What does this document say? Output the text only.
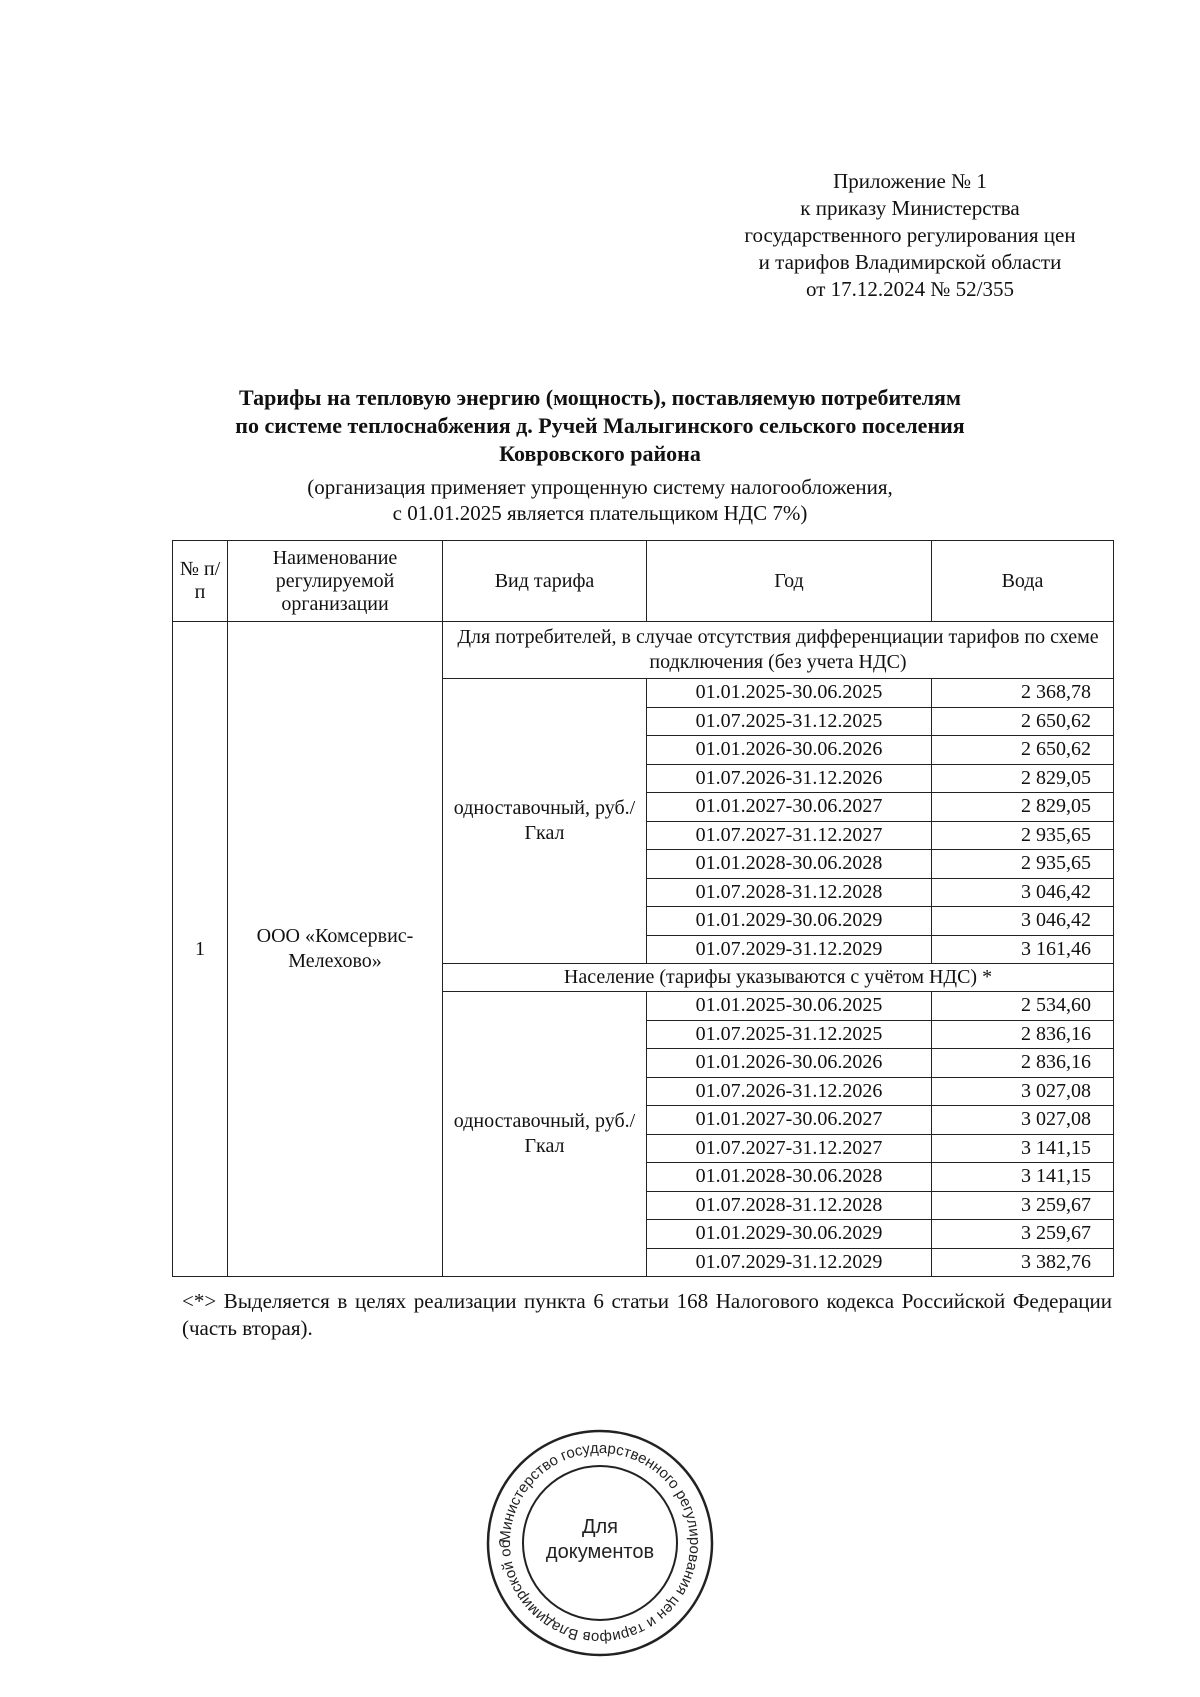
Приложение № 1
к приказу Министерства
государственного регулирования цен
и тарифов Владимирской области
от 17.12.2024 № 52/355
Тарифы на тепловую энергию (мощность), поставляемую потребителям
по системе теплоснабжения д. Ручей Малыгинского сельского поселения
Ковровского района
(организация применяет упрощенную систему налогообложения,
с 01.01.2025 является плательщиком НДС 7%)
№ п/п	Наименование регулируемой организации	Вид тарифа	Год	Вода
1	ООО «Комсервис-Мелехово»	Для потребителей, в случае отсутствия дифференциации тарифов по схеме подключения (без учета НДС)		
		одноставочный, руб./Гкал	01.01.2025-30.06.2025	2 368,78
			01.07.2025-31.12.2025	2 650,62
			01.01.2026-30.06.2026	2 650,62
			01.07.2026-31.12.2026	2 829,05
			01.01.2027-30.06.2027	2 829,05
			01.07.2027-31.12.2027	2 935,65
			01.01.2028-30.06.2028	2 935,65
			01.07.2028-31.12.2028	3 046,42
			01.01.2029-30.06.2029	3 046,42
			01.07.2029-31.12.2029	3 161,46
		Население (тарифы указываются с учётом НДС) *		
		одноставочный, руб./Гкал	01.01.2025-30.06.2025	2 534,60
			01.07.2025-31.12.2025	2 836,16
			01.01.2026-30.06.2026	2 836,16
			01.07.2026-31.12.2026	3 027,08
			01.01.2027-30.06.2027	3 027,08
			01.07.2027-31.12.2027	3 141,15
			01.01.2028-30.06.2028	3 141,15
			01.07.2028-31.12.2028	3 259,67
			01.01.2029-30.06.2029	3 259,67
			01.07.2029-31.12.2029	3 382,76
<*> Выделяется в целях реализации пункта 6 статьи 168 Налогового кодекса Российской Федерации (часть вторая).
Министерство государственного регулирования цен и тарифов Владимирской об
Для
документов
